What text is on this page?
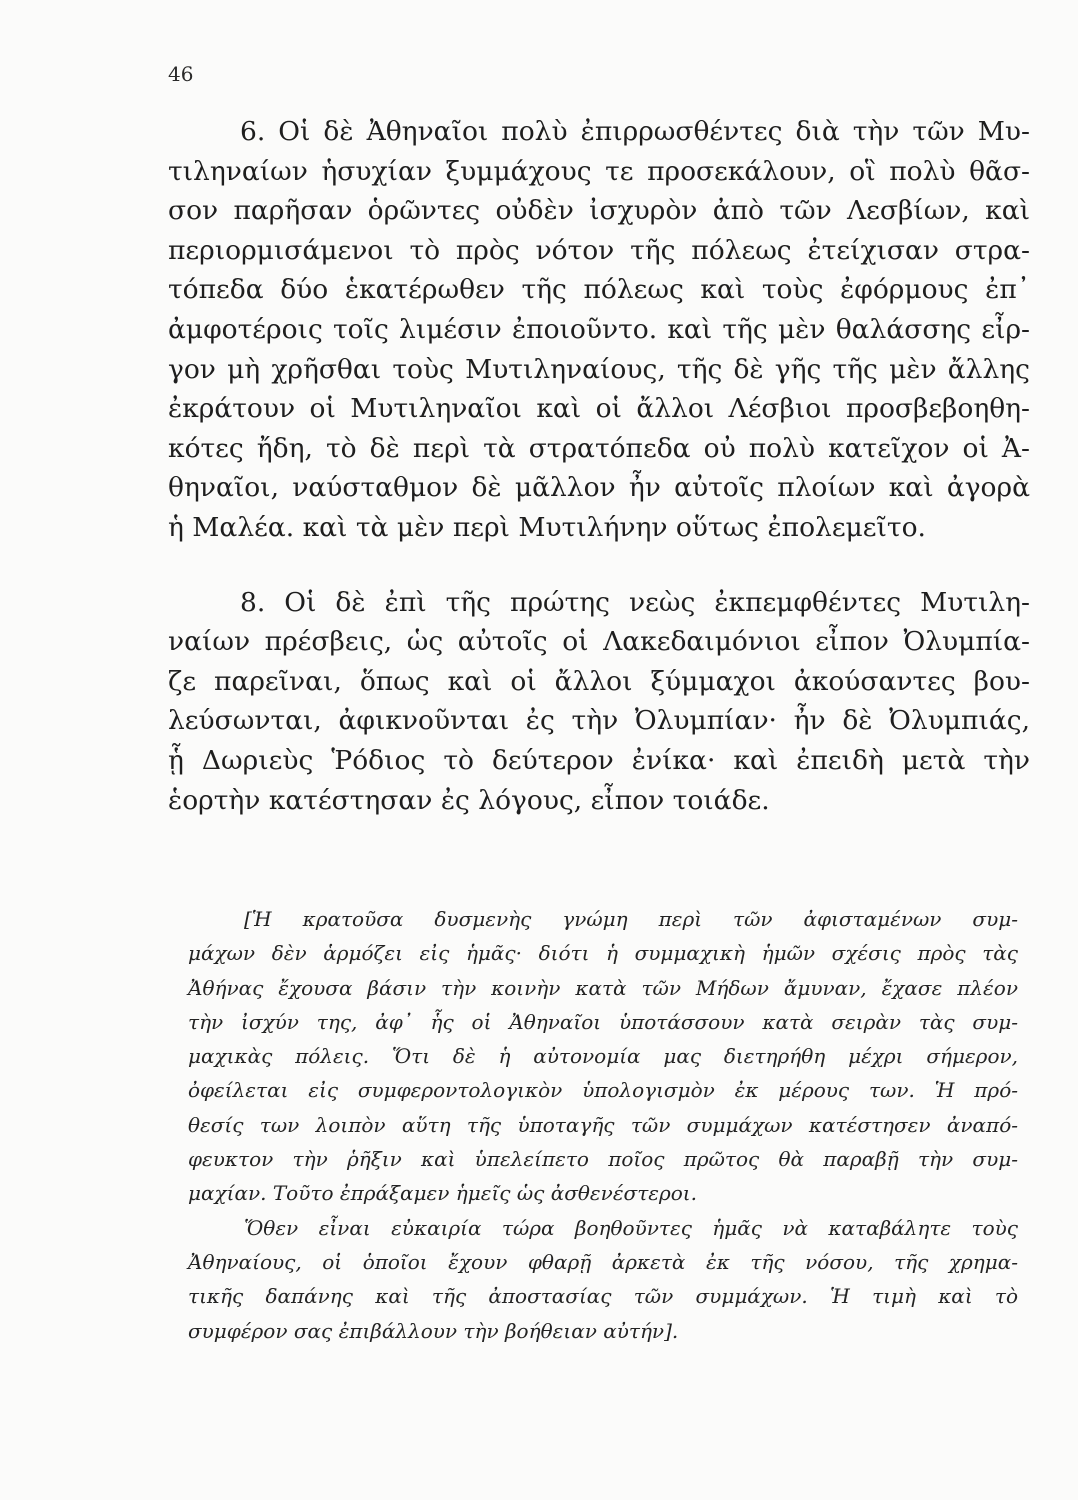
46
6. Οἱ δὲ Ἀθηναῖοι πολὺ ἐπιρρωσθέντες διὰ τὴν τῶν Μυ-
τιληναίων ἡσυχίαν ξυμμάχους τε προσεκάλουν, οἳ πολὺ θᾶσ-
σον παρῆσαν ὁρῶντες οὐδὲν ἰσχυρὸν ἀπὸ τῶν Λεσβίων, καὶ
περιορμισάμενοι τὸ πρὸς νότον τῆς πόλεως ἐτείχισαν στρα-
τόπεδα δύο ἑκατέρωθεν τῆς πόλεως καὶ τοὺς ἐφόρμους ἐπ᾽
ἀμφοτέροις τοῖς λιμέσιν ἐποιοῦντο. καὶ τῆς μὲν θαλάσσης εἶρ-
γον μὴ χρῆσθαι τοὺς Μυτιληναίους, τῆς δὲ γῆς τῆς μὲν ἄλλης
ἐκράτουν οἱ Μυτιληναῖοι καὶ οἱ ἄλλοι Λέσβιοι προσβεβοηθη-
κότες ἤδη, τὸ δὲ περὶ τὰ στρατόπεδα οὐ πολὺ κατεῖχον οἱ Ἀ-
θηναῖοι, ναύσταθμον δὲ μᾶλλον ἦν αὐτοῖς πλοίων καὶ ἀγορὰ
ἡ Μαλέα. καὶ τὰ μὲν περὶ Μυτιλήνην οὕτως ἐπολεμεῖτο.
8. Οἱ δὲ ἐπὶ τῆς πρώτης νεὼς ἐκπεμφθέντες Μυτιλη-
ναίων πρέσβεις, ὡς αὐτοῖς οἱ Λακεδαιμόνιοι εἶπον Ὀλυμπία-
ζε παρεῖναι, ὅπως καὶ οἱ ἄλλοι ξύμμαχοι ἀκούσαντες βου-
λεύσωνται, ἀφικνοῦνται ἐς τὴν Ὀλυμπίαν· ἦν δὲ Ὀλυμπιάς,
ᾗ Δωριεὺς Ῥόδιος τὸ δεύτερον ἐνίκα· καὶ ἐπειδὴ μετὰ τὴν
ἑορτὴν κατέστησαν ἐς λόγους, εἶπον τοιάδε.
[Ἡ κρατοῦσα δυσμενὴς γνώμη περὶ τῶν ἀφισταμένων συμ-
μάχων δὲν ἁρμόζει εἰς ἡμᾶς· διότι ἡ συμμαχικὴ ἡμῶν σχέσις πρὸς τὰς
Ἀθήνας ἔχουσα βάσιν τὴν κοινὴν κατὰ τῶν Μήδων ἄμυναν, ἔχασε πλέον
τὴν ἰσχύν της, ἀφ᾽ ἧς οἱ Ἀθηναῖοι ὑποτάσσουν κατὰ σειρὰν τὰς συμ-
μαχικὰς πόλεις. Ὅτι δὲ ἡ αὐτονομία μας διετηρήθη μέχρι σήμερον,
ὀφείλεται εἰς συμφεροντολογικὸν ὑπολογισμὸν ἐκ μέρους των. Ἡ πρό-
θεσίς των λοιπὸν αὕτη τῆς ὑποταγῆς τῶν συμμάχων κατέστησεν ἀναπό-
φευκτον τὴν ῥῆξιν καὶ ὑπελείπετο ποῖος πρῶτος θὰ παραβῇ τὴν συμ-
μαχίαν. Τοῦτο ἐπράξαμεν ἡμεῖς ὡς ἀσθενέστεροι.
Ὅθεν εἶναι εὐκαιρία τώρα βοηθοῦντες ἡμᾶς νὰ καταβάλητε τοὺς
Ἀθηναίους, οἱ ὁποῖοι ἔχουν φθαρῇ ἀρκετὰ ἐκ τῆς νόσου, τῆς χρημα-
τικῆς δαπάνης καὶ τῆς ἀποστασίας τῶν συμμάχων. Ἡ τιμὴ καὶ τὸ
συμφέρον σας ἐπιβάλλουν τὴν βοήθειαν αὐτήν].
